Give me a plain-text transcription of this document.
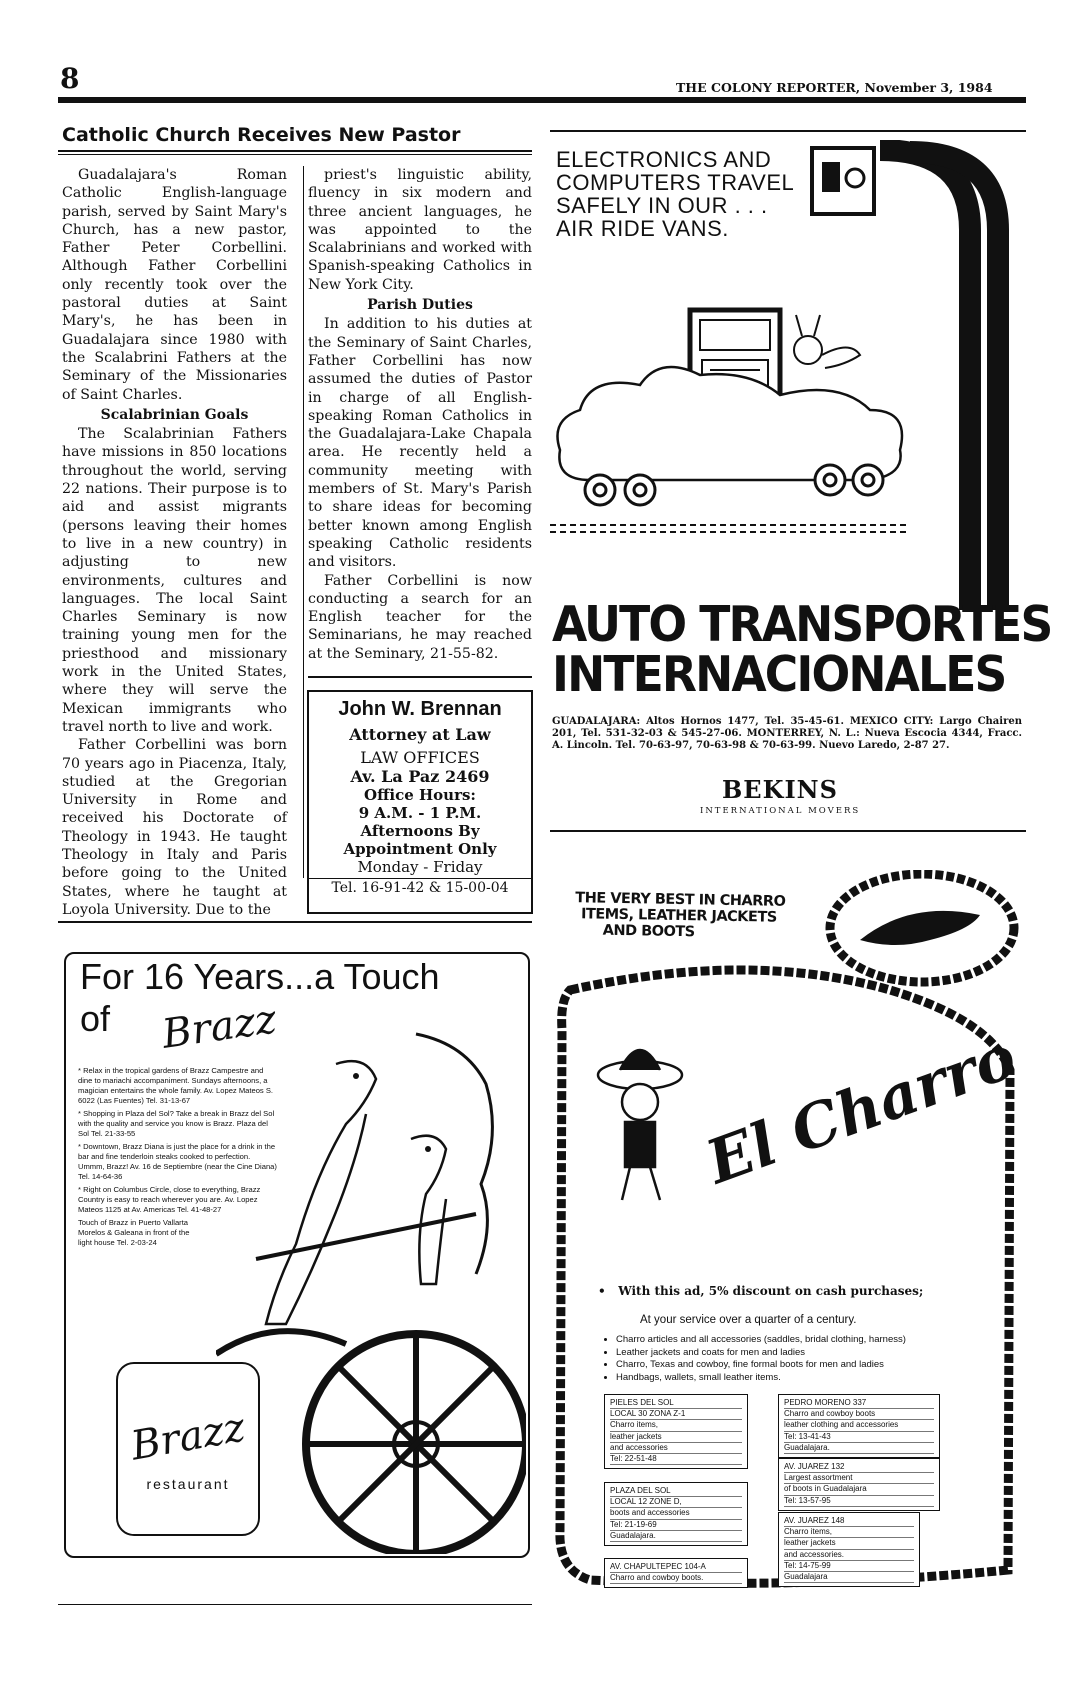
8	THE COLONY REPORTER, November 3, 1984
Catholic Church Receives New Pastor

Guadalajara's Roman Catholic English-language parish, served by Saint Mary's Church, has a new pastor, Father Peter Corbellini. Although Father Corbellini only recently took over the pastoral duties at Saint Mary's, he has been in Guadalajara since 1980 with the Scalabrini Fathers at the Seminary of the Missionaries of Saint Charles.

Scalabrinian Goals

The Scalabrinian Fathers have missions in 850 locations throughout the world, serving 22 nations. Their purpose is to aid and assist migrants (persons leaving their homes to live in a new country) in adjusting to new environments, cultures and languages. The local Saint Charles Seminary is now training young men for the priesthood and missionary work in the United States, where they will serve the Mexican immigrants who travel north to live and work.

Father Corbellini was born 70 years ago in Piacenza, Italy, studied at the Gregorian University in Rome and received his Doctorate of Theology in 1943. He taught Theology in Italy and Paris before going to the United States, where he taught at Loyola University. Due to the

priest's linguistic ability, fluency in six modern and three ancient languages, he was appointed to the Scalabrinians and worked with Spanish-speaking Catholics in New York City.

Parish Duties

In addition to his duties at the Seminary of Saint Charles, Father Corbellini has now assumed the duties of Pastor in charge of all English-speaking Roman Catholics in the Guadalajara-Lake Chapala area. He recently held a community meeting with members of St. Mary's Parish to share ideas for becoming better known among English speaking Catholic residents and visitors.

Father Corbellini is now conducting a search for an English teacher for the Seminarians, he may reached at the Seminary, 21-55-82.

John W. Brennan
Attorney at Law
LAW OFFICES
Av. La Paz 2469
Office Hours:
9 A.M. - 1 P.M.
Afternoons By
Appointment Only
Monday - Friday
Tel. 16-91-42 & 15-00-04
ELECTRONICS AND
COMPUTERS TRAVEL
SAFELY IN OUR . . .
AIR RIDE VANS.
AUTO TRANSPORTES
INTERNACIONALES
GUADALAJARA: Altos Hornos 1477, Tel. 35-45-61. MEXICO CITY: Largo Chairen 201, Tel. 531-32-03 & 545-27-06. MONTERREY, N. L.: Nueva Escocia 4344, Fracc. A. Lincoln. Tel. 70-63-97, 70-63-98 & 70-63-99. Nuevo Laredo, 2-87 27.
BEKINS
INTERNATIONAL MOVERS
For 16 Years...a Touch
of Brazz
* Relax in the tropical gardens of Brazz Campestre and dine to mariachi accompaniment. Sundays afternoons, a magician entertains the whole family. Av. Lopez Mateos S. 6022 (Las Fuentes) Tel. 31-13-67
* Shopping in Plaza del Sol? Take a break in Brazz del Sol with the quality and service you know is Brazz. Plaza del Sol Tel. 21-33-55
* Downtown, Brazz Diana is just the place for a drink in the bar and fine tenderloin steaks cooked to perfection. Ummm, Brazz! Av. 16 de Septiembre (near the Cine Diana) Tel. 14-64-36
* Right on Columbus Circle, close to everything, Brazz Country is easy to reach wherever you are. Av. Lopez Mateos 1125 at Av. Americas Tel. 41-48-27
Touch of Brazz in Puerto Vallarta Morelos & Galeana in front of the light house Tel. 2-03-24
Brazz
restaurant
THE VERY BEST IN CHARRO
ITEMS, LEATHER JACKETS
AND BOOTS
El Charro
•   With this ad, 5% discount on cash purchases;
At your service over a quarter of a century.
• Charro articles and all accessories (saddles, bridal clothing, harness)
• Leather jackets and coats for men and ladies
• Charro, Texas and cowboy, fine formal boots for men and ladies
• Handbags, wallets, small leather items.
PIELES DEL SOL
LOCAL 30 ZONA Z-1
Charro items,
leather jackets
and accessories
Tel: 22-51-48
PEDRO MORENO 337
Charro and cowboy boots
leather clothing and accessories
Tel: 13-41-43
Guadalajara.
PLAZA DEL SOL
LOCAL 12 ZONE D,
boots and accessories
Tel: 21-19-69
Guadalajara.
AV. JUAREZ 132
Largest assortment
of boots in Guadalajara
Tel: 13-57-95
AV. JUAREZ 148
Charro items,
leather jackets
and accessories.
Tel: 14-75-99
Guadalajara
AV. CHAPULTEPEC 104-A
Charro and cowboy boots.
